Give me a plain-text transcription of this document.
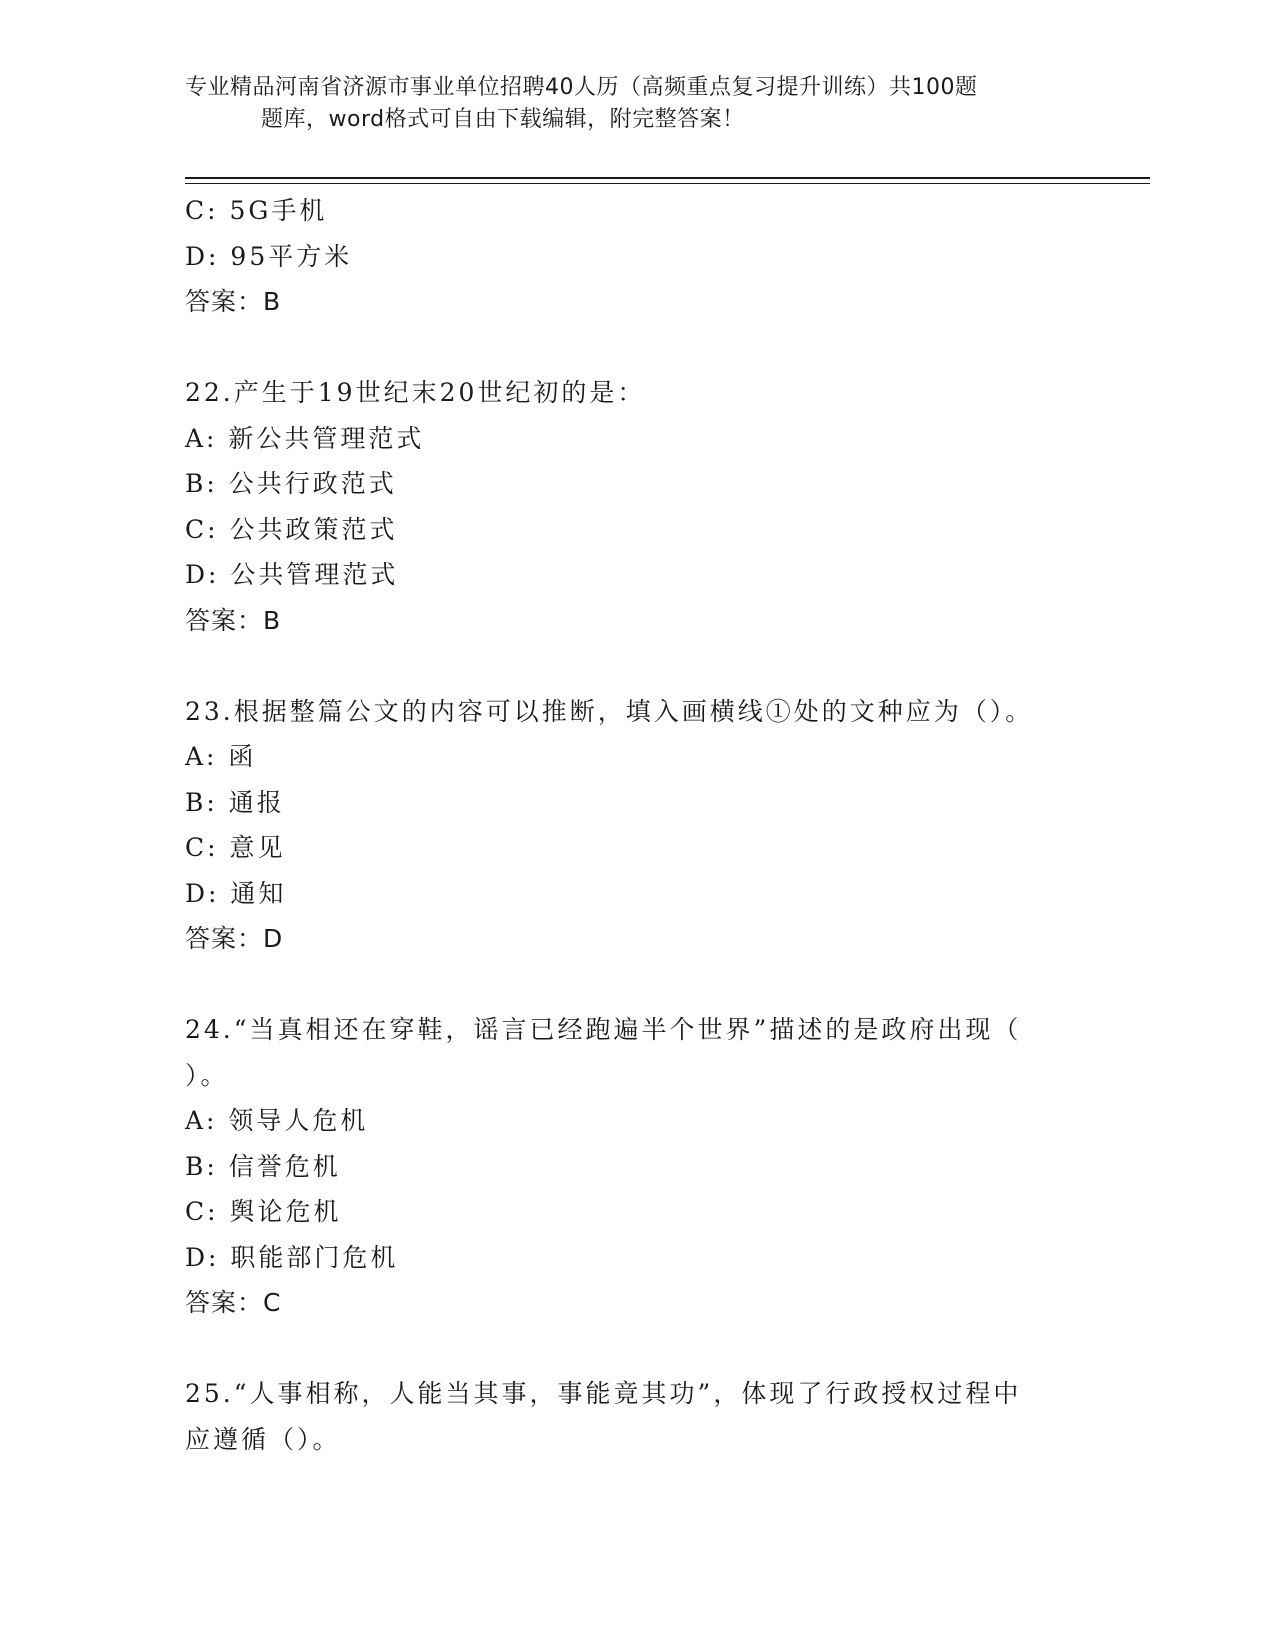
专业精品河南省济源市事业单位招聘40人历（高频重点复习提升训练）共100题
题库，word格式可自由下载编辑，附完整答案！
C: 5G手机
D: 95平方米
答案：B
22.产生于19世纪末20世纪初的是：
A: 新公共管理范式
B: 公共行政范式
C: 公共政策范式
D: 公共管理范式
答案：B
23.根据整篇公文的内容可以推断，填入画横线①处的文种应为（）。
A: 函
B: 通报
C: 意见
D: 通知
答案：D
24.“当真相还在穿鞋，谣言已经跑遍半个世界”描述的是政府出现（
）。
A: 领导人危机
B: 信誉危机
C: 舆论危机
D: 职能部门危机
答案：C
25.“人事相称，人能当其事，事能竟其功”，体现了行政授权过程中
应遵循（）。
